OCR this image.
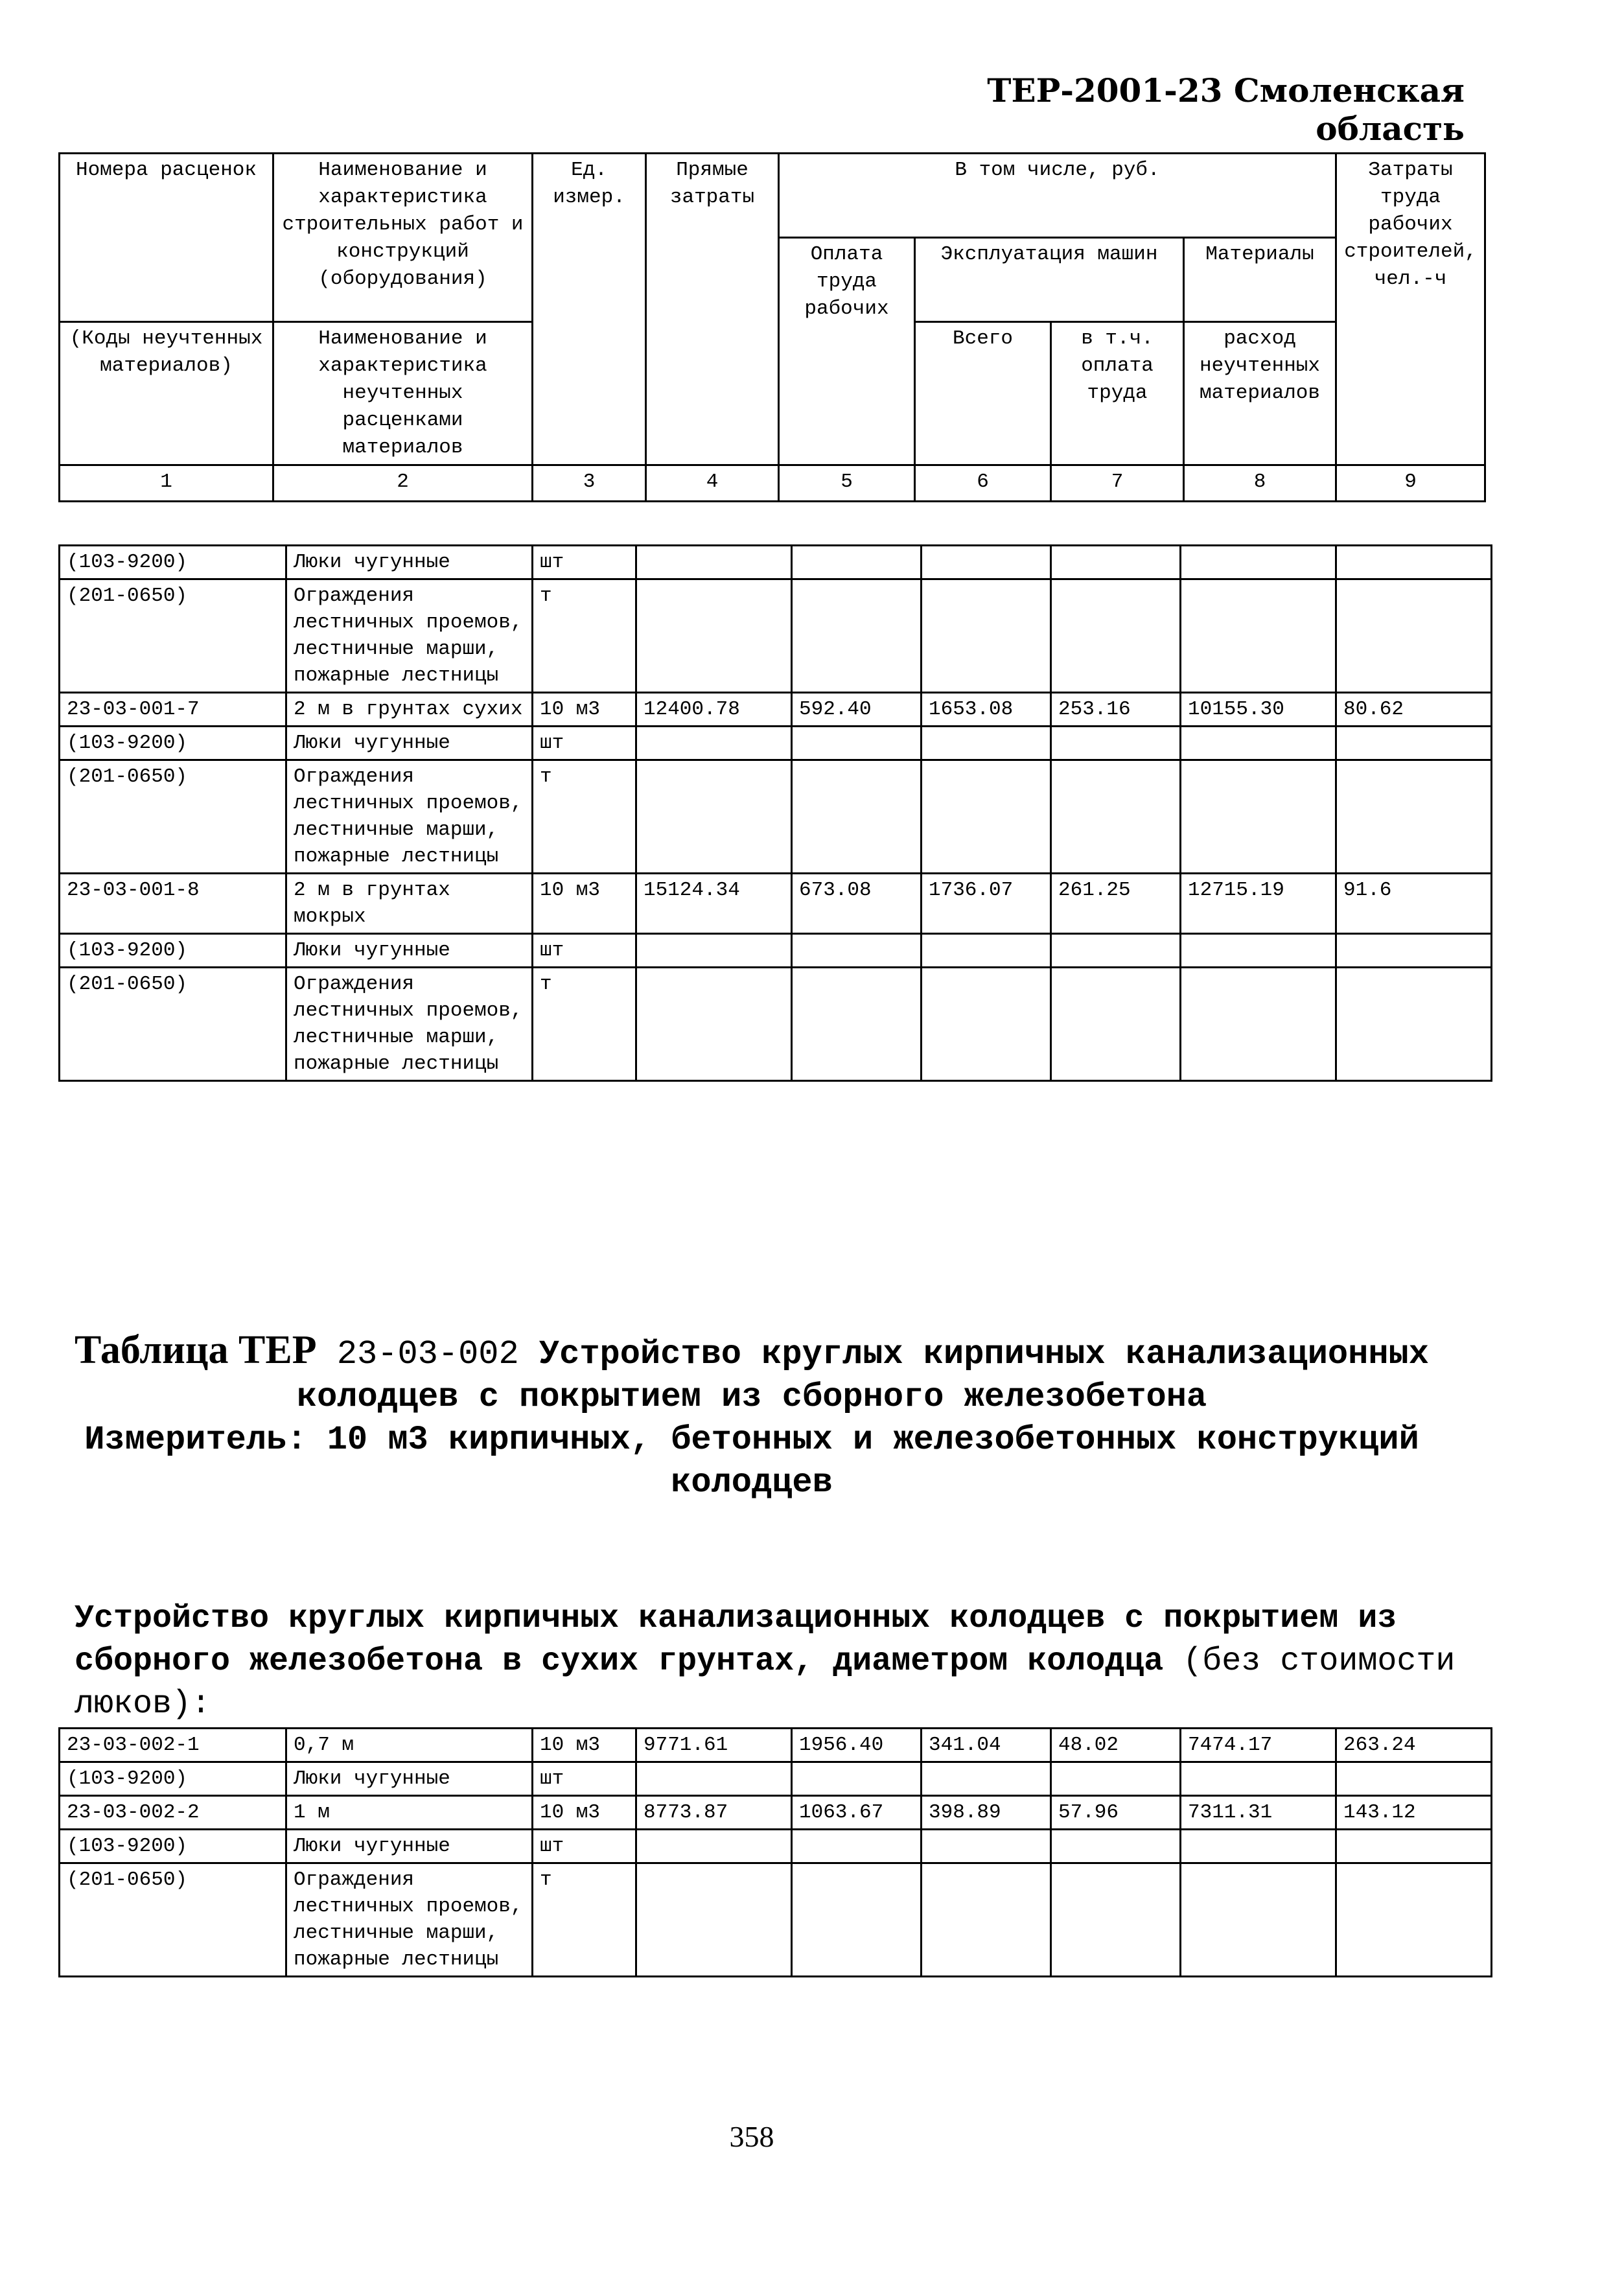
ТЕР-2001-23 Смоленская область
Номера расценок	Наименование и характеристика строительных работ и конструкций (оборудования)	Ед. измер.	Прямые затраты	В том числе, руб.				Затраты труда рабочих строителей, чел.-ч
				Оплата труда рабочих	Эксплуатация машин		Материалы	
(Коды неучтенных материалов)	Наименование и характеристика неучтенных расценками материалов				Всего	в т.ч. оплата труда	расход неучтенных материалов	
1	2	3	4	5	6	7	8	9
(103-9200)	Люки чугунные	шт						
(201-0650)	Ограждения лестничных проемов, лестничные марши, пожарные лестницы	т						
23-03-001-7	2 м в грунтах сухих	10 м3	12400.78	592.40	1653.08	253.16	10155.30	80.62
(103-9200)	Люки чугунные	шт						
(201-0650)	Ограждения лестничных проемов, лестничные марши, пожарные лестницы	т						
23-03-001-8	2 м в грунтах мокрых	10 м3	15124.34	673.08	1736.07	261.25	12715.19	91.6
(103-9200)	Люки чугунные	шт						
(201-0650)	Ограждения лестничных проемов, лестничные марши, пожарные лестницы	т						
Таблица ТЕР 23-03-002 Устройство круглых кирпичных канализационных колодцев с покрытием из сборного железобетона
Измеритель: 10 м3 кирпичных, бетонных и железобетонных конструкций колодцев
Устройство круглых кирпичных канализационных колодцев с покрытием из сборного железобетона в сухих грунтах, диаметром колодца (без стоимости люков):
23-03-002-1	0,7 м	10 м3	9771.61	1956.40	341.04	48.02	7474.17	263.24
(103-9200)	Люки чугунные	шт						
23-03-002-2	1 м	10 м3	8773.87	1063.67	398.89	57.96	7311.31	143.12
(103-9200)	Люки чугунные	шт						
(201-0650)	Ограждения лестничных проемов, лестничные марши, пожарные лестницы	т						
358
